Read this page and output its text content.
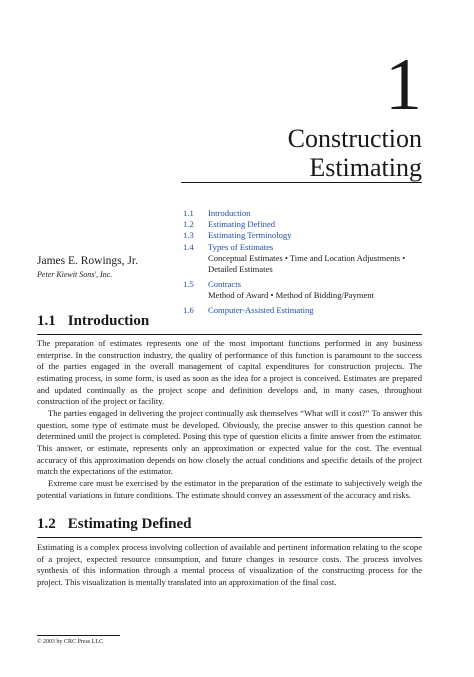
1
Construction
Estimating
1.1	Introduction
1.2	Estimating Defined
1.3	Estimating Terminology
1.4	Types of Estimates
Conceptual Estimates • Time and Location Adjustments • Detailed Estimates
1.5	Contracts
Method of Award • Method of Bidding/Payment
1.6	Computer-Assisted Estimating
James E. Rowings, Jr.
Peter Kiewit Sons', Inc.
1.1 Introduction

The preparation of estimates represents one of the most important functions performed in any business enterprise. In the construction industry, the quality of performance of this function is paramount to the success of the parties engaged in the overall management of capital expenditures for construction projects. The estimating process, in some form, is used as soon as the idea for a project is conceived. Estimates are prepared and updated continually as the project scope and definition develops and, in many cases, throughout construction of the project or facility.

The parties engaged in delivering the project continually ask themselves “What will it cost?” To answer this question, some type of estimate must be developed. Obviously, the precise answer to this question cannot be determined until the project is completed. Posing this type of question elicits a finite answer from the estimator. This answer, or estimate, represents only an approximation or expected value for the cost. The eventual accuracy of this approximation depends on how closely the actual conditions and specific details of the project match the expectations of the estimator.

Extreme care must be exercised by the estimator in the preparation of the estimate to subjectively weigh the potential variations in future conditions. The estimate should convey an assessment of the accuracy and risks.

1.2 Estimating Defined

Estimating is a complex process involving collection of available and pertinent information relating to the scope of a project, expected resource consumption, and future changes in resource costs. The process involves synthesis of this information through a mental process of visualization of the constructing process for the project. This visualization is mentally translated into an approximation of the final cost.

© 2003 by CRC Press LLC
